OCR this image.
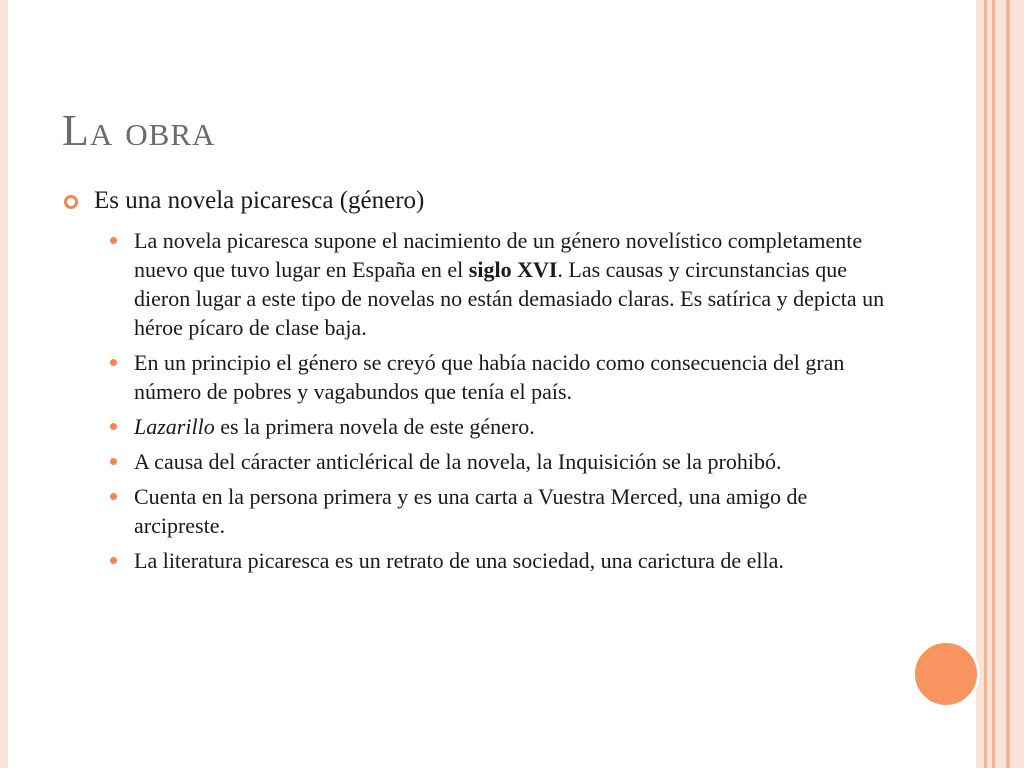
La obra
Es una novela picaresca (género)
La novela picaresca supone el nacimiento de un género novelístico completamente nuevo que tuvo lugar en España en el siglo XVI. Las causas y circunstancias que dieron lugar a este tipo de novelas no están demasiado claras. Es satírica y depicta un héroe pícaro de clase baja.
En un principio el género se creyó que había nacido como consecuencia del gran número de pobres y vagabundos que tenía el país.
Lazarillo es la primera novela de este género.
A causa del cáracter anticlérical de la novela, la Inquisición se la prohibó.
Cuenta en la persona primera y es una carta a Vuestra Merced, una amigo de arcipreste.
La literatura picaresca es un retrato de una sociedad, una carictura de ella.
